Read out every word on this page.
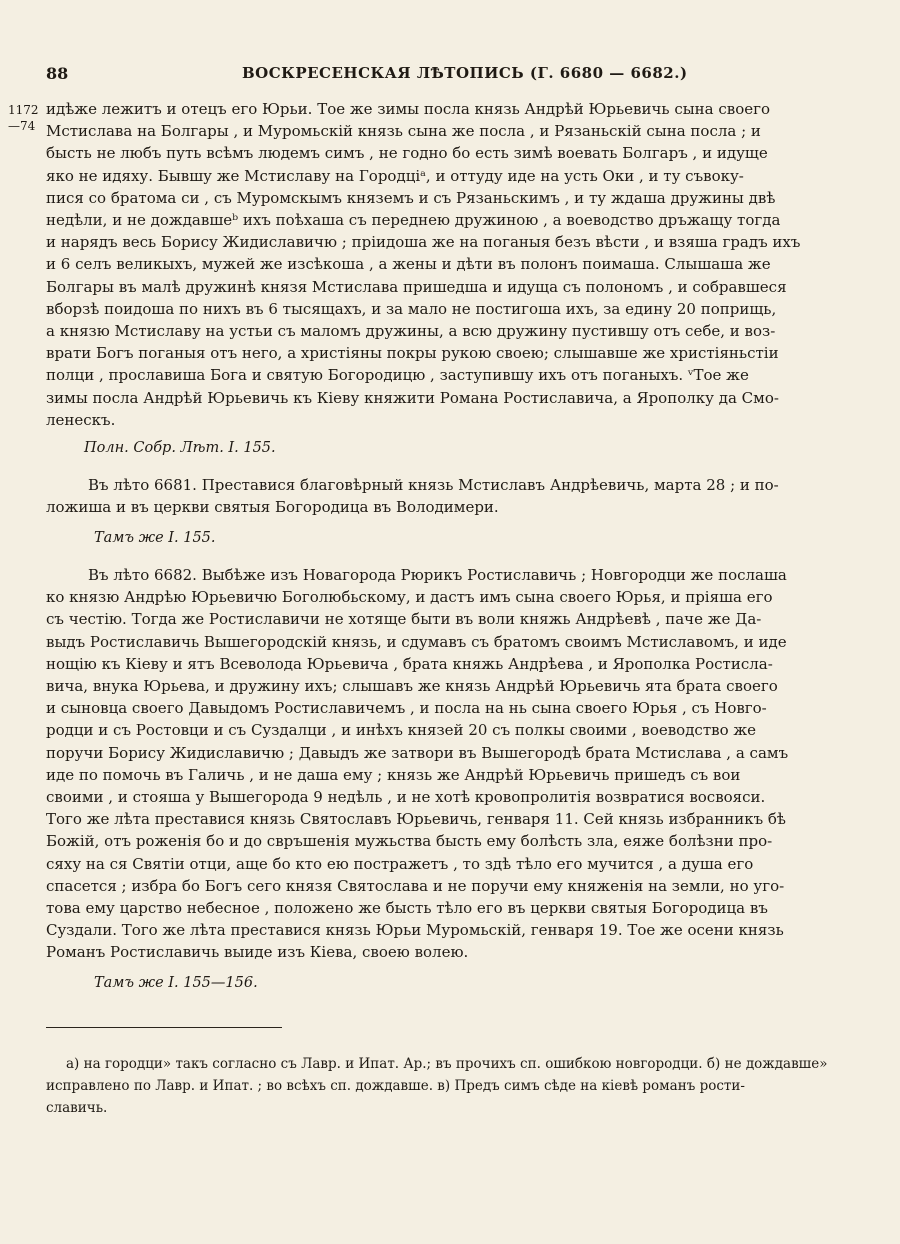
88	ВОСКРЕСЕНСКАЯ ЛѢТОПИСЬ (Г. 6680 — 6682.)
1172
—74
идѣже лежитъ и отецъ его Юрьи. Тое же зимы посла князь Андрѣй Юрьевичь сына своего
Мстислава на Болгары , и Муромьскій князь сына же посла , и Рязаньскій сына посла ; и
бысть не любъ путь всѣмъ людемъ симъ , не годно бо есть зимѣ воевать Болгаръ , и идуще
яко не идяху. Бывшу же Мстиславу на Городцiᵃ, и оттуду иде на усть Оки , и ту съвоку-
пися со братома си , съ Муромскымъ княземъ и съ Рязаньскимъ , и ту ждаша дружины двѣ
недѣли, и не дождавшеᵇ ихъ поѣхаша съ переднею дружиною , а воеводство дръжащу тогда
и нарядъ весь Борису Жидиславичю ; прiидоша же на поганыя безъ вѣсти , и взяша градъ ихъ
и 6 селъ великыхъ, мужей же изсѣкоша , а жены и дѣти въ полонъ поимаша. Слышаша же
Болгары въ малѣ дружинѣ князя Мстислава пришедша и идуща съ полономъ , и собравшеся
вборзѣ поидоша по нихъ въ 6 тысящахъ, и за мало не постигоша ихъ, за едину 20 поприщь,
а князю Мстиславу на устьи съ маломъ дружины, а всю дружину пустившу отъ себе, и воз-
врати Богъ поганыя отъ него, а христiяны покры рукою своею; слышавше же христiяньстiи
полци , прославиша Бога и святую Богородицю , заступившу ихъ отъ поганыхъ. ᵛТое же
зимы посла Андрѣй Юрьевичь къ Кiеву княжити Романа Ростиславича, а Ярополку да Смо-
ленескъ.
Полн. Собр. Лѣт. I. 155.
Въ лѣто 6681. Преставися благовѣрный князь Мстиславъ Андрѣевичь, марта 28 ; и по-
ложиша и въ церкви святыя Богородица въ Володимери.
Тамъ же I. 155.
Въ лѣто 6682. Выбѣже изъ Новагорода Рюрикъ Ростиславичь ; Новгородци же послаша
ко князю Андрѣю Юрьевичю Боголюбьскому, и дастъ имъ сына своего Юрья, и прiяша его
съ честiю. Тогда же Ростиславичи не хотяще быти въ воли княжь Андрѣевѣ , паче же Да-
выдъ Ростиславичь Вышегородскiй князь, и сдумавъ съ братомъ своимъ Мстиславомъ, и иде
нощiю къ Кiеву и ятъ Всеволода Юрьевича , брата княжь Андрѣева , и Ярополка Ростисла-
вича, внука Юрьева, и дружину ихъ; слышавъ же князь Андрѣй Юрьевичь ята брата своего
и сыновца своего Давыдомъ Ростиславичемъ , и посла на нь сына своего Юрья , съ Новго-
родци и съ Ростовци и съ Суздалци , и инѣхъ князей 20 съ полкы своими , воеводство же
поручи Борису Жидиславичю ; Давыдъ же затвори въ Вышегородѣ брата Мстислава , а самъ
иде по помочь въ Галичь , и не даша ему ; князь же Андрѣй Юрьевичь пришедъ съ вои
своими , и стояша у Вышегорода 9 недѣль , и не хотѣ кровопролитiя возвратися восвояси.
Того же лѣта преставися князь Святославъ Юрьевичь, генваря 11. Сей князь избранникъ бѣ
Божiй, отъ роженiя бо и до свръшенiя мужьства бысть ему болѣсть зла, еяже болѣзни про-
сяху на ся Святiи отци, аще бо кто ею постражетъ , то здѣ тѣло его мучится , а душа его
спасется ; избра бо Богъ сего князя Святослава и не поручи ему княженiя на земли, но уго-
това ему царство небесное , положено же бысть тѣло его въ церкви святыя Богородица въ
Суздали. Того же лѣта преставися князь Юрьи Муромьскiй, генваря 19. Тое же осени князь
Романъ Ростиславичь выиде изъ Кiева, своею волею.
Тамъ же I. 155—156.
а) на городци» такъ согласно съ Лавр. и Ипат. Ар.; въ прочихъ сп. ошибкою новгородци. б) не дождавше»
исправлено по Лавр. и Ипат. ; во всѣхъ сп. дождавше. в) Предъ симъ сѣде на кiевѣ романъ рости-
славичь.
